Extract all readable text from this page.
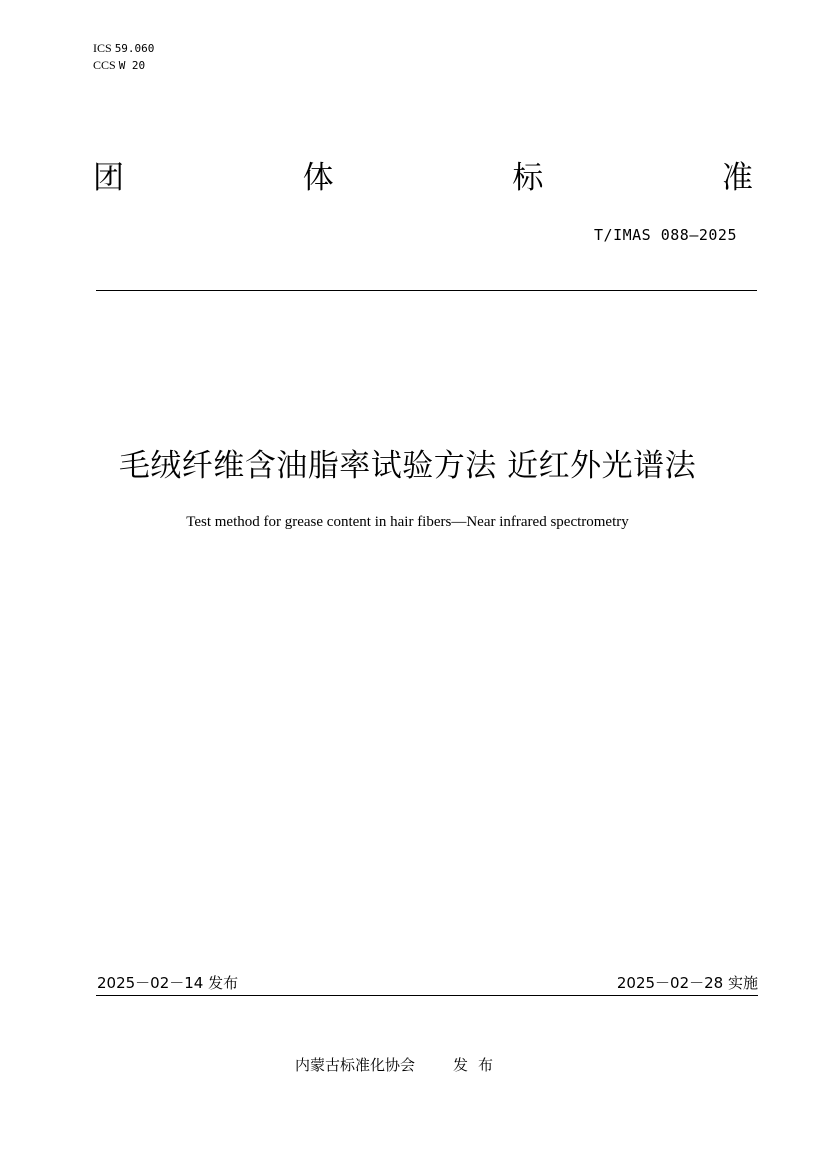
ICS 59.060
CCS W 20
团	体	标	准
T/IMAS 088—2025
毛绒纤维含油脂率试验方法 近红外光谱法
Test method for grease content in hair fibers—Near infrared spectrometry
2025－02－14 发布	2025－02－28 实施
内蒙古标准化协会	发布
